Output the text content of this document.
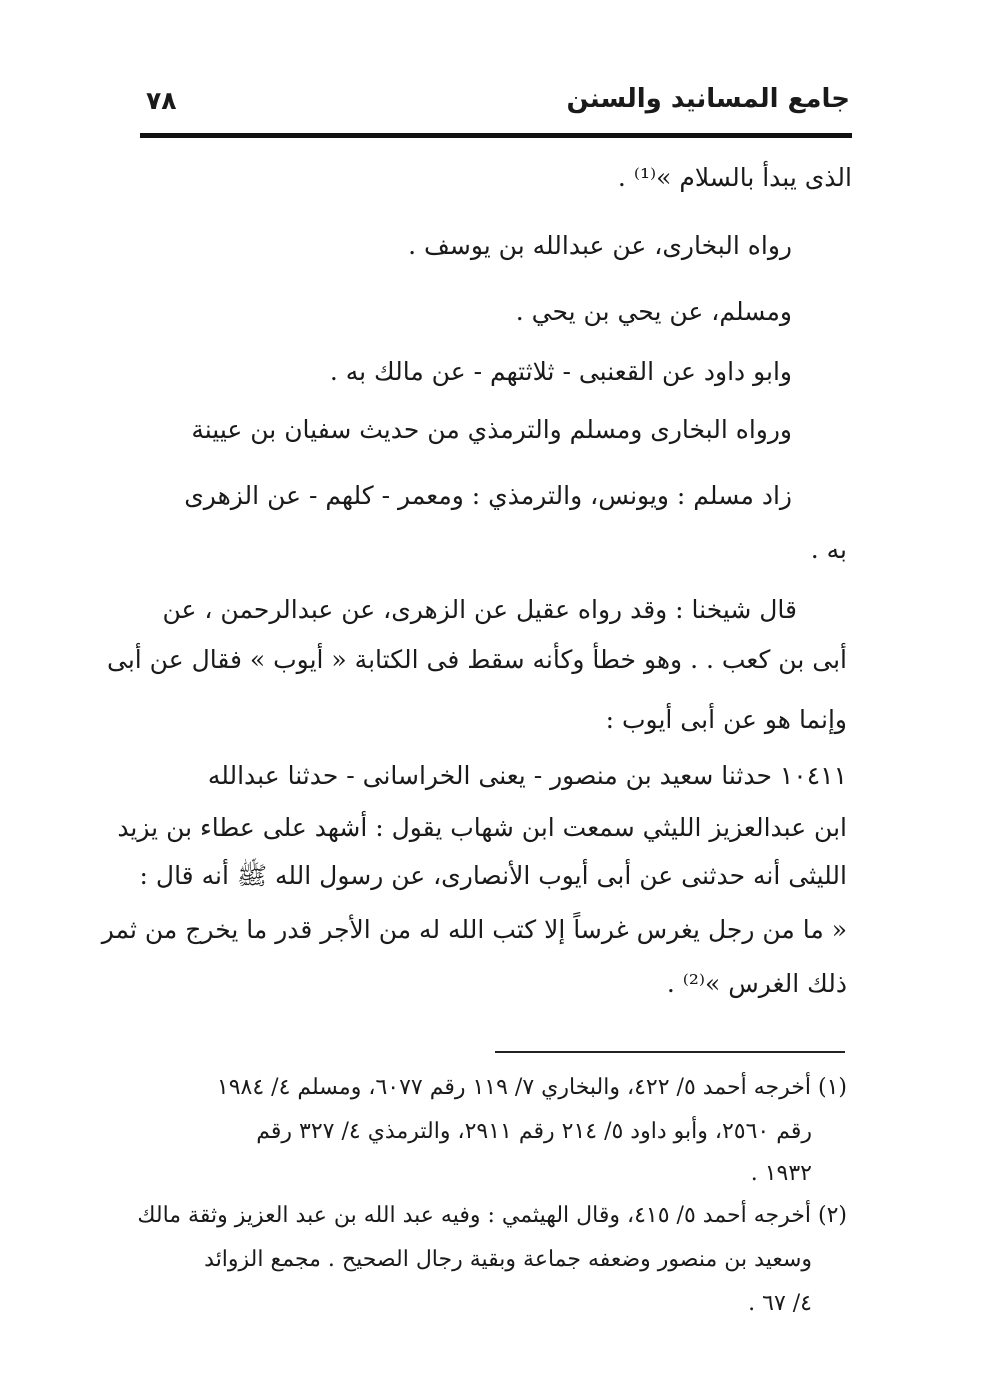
جامع المسانيد والسنن
٧٨
الذى يبدأ بالسلام »⁽¹⁾ .
رواه البخارى، عن عبدالله بن يوسف .
ومسلم، عن يحي بن يحي .
وابو داود عن القعنبى - ثلاثتهم - عن مالك به .
ورواه البخارى ومسلم والترمذي من حديث سفيان بن عيينة
زاد مسلم : ويونس، والترمذي : ومعمر - كلهم - عن الزهرى
به .
قال شيخنا : وقد رواه عقيل عن الزهرى، عن عبدالرحمن ، عن
أبى بن كعب . . وهو خطأ وكأنه سقط فى الكتابة « أيوب » فقال عن أبى
وإنما هو عن أبى أيوب :
١٠٤١١ حدثنا سعيد بن منصور - يعنى الخراسانى - حدثنا عبدالله
ابن عبدالعزيز الليثي سمعت ابن شهاب يقول : أشهد على عطاء بن يزيد
الليثى أنه حدثنى عن أبى أيوب الأنصارى، عن رسول الله ﷺ أنه قال :
« ما من رجل يغرس غرساً إلا كتب الله له من الأجر قدر ما يخرج من ثمر
ذلك الغرس »⁽²⁾ .
(١) أخرجه أحمد ٥/ ٤٢٢، والبخاري ٧/ ١١٩ رقم ٦٠٧٧، ومسلم ٤/ ١٩٨٤
رقم ٢٥٦٠، وأبو داود ٥/ ٢١٤ رقم ٢٩١١، والترمذي ٤/ ٣٢٧ رقم
١٩٣٢ .
(٢) أخرجه أحمد ٥/ ٤١٥، وقال الهيثمي : وفيه عبد الله بن عبد العزيز وثقة مالك
وسعيد بن منصور وضعفه جماعة وبقية رجال الصحيح . مجمع الزوائد
٤/ ٦٧ .
